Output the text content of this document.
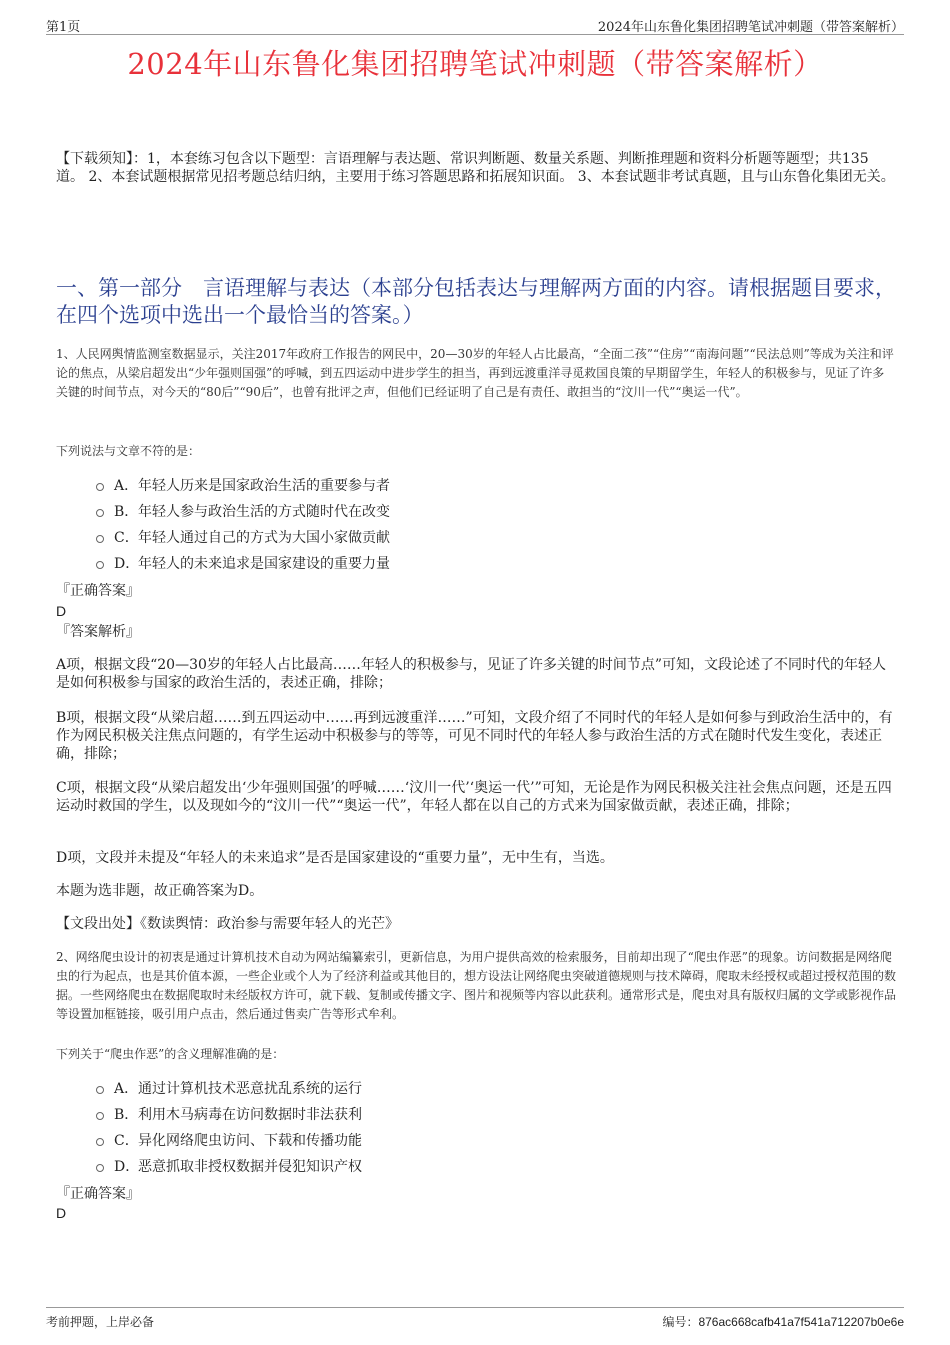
第1页	2024年山东鲁化集团招聘笔试冲刺题（带答案解析）
2024年山东鲁化集团招聘笔试冲刺题（带答案解析）
【下载须知】：1，本套练习包含以下题型：言语理解与表达题、常识判断题、数量关系题、判断推理题和资料分析题等题型；共135道。 2、本套试题根据常见招考题总结归纳，主要用于练习答题思路和拓展知识面。 3、本套试题非考试真题，且与山东鲁化集团无关。
一、第一部分　言语理解与表达（本部分包括表达与理解两方面的内容。请根据题目要求，在四个选项中选出一个最恰当的答案。）
1、人民网舆情监测室数据显示，关注2017年政府工作报告的网民中，20—30岁的年轻人占比最高，“全面二孩”“住房”“南海问题”“民法总则”等成为关注和评论的焦点，从梁启超发出“少年强则国强”的呼喊，到五四运动中进步学生的担当，再到远渡重洋寻觅救国良策的早期留学生，年轻人的积极参与，见证了许多关键的时间节点，对今天的“80后”“90后”，也曾有批评之声，但他们已经证明了自己是有责任、敢担当的“汶川一代”“奥运一代”。
下列说法与文章不符的是：
A．年轻人历来是国家政治生活的重要参与者
B．年轻人参与政治生活的方式随时代在改变
C．年轻人通过自己的方式为大国小家做贡献
D．年轻人的未来追求是国家建设的重要力量
『正确答案』
D
『答案解析』
A项，根据文段“20—30岁的年轻人占比最高……年轻人的积极参与，见证了许多关键的时间节点”可知，文段论述了不同时代的年轻人是如何积极参与国家的政治生活的，表述正确，排除；
B项，根据文段“从梁启超……到五四运动中……再到远渡重洋……”可知，文段介绍了不同时代的年轻人是如何参与到政治生活中的，有作为网民积极关注焦点问题的，有学生运动中积极参与的等等，可见不同时代的年轻人参与政治生活的方式在随时代发生变化，表述正确，排除；
C项，根据文段“从梁启超发出‘少年强则国强’的呼喊……‘汶川一代’‘奥运一代’”可知，无论是作为网民积极关注社会焦点问题，还是五四运动时救国的学生，以及现如今的“汶川一代”“奥运一代”，年轻人都在以自己的方式来为国家做贡献，表述正确，排除；
D项，文段并未提及“年轻人的未来追求”是否是国家建设的“重要力量”，无中生有，当选。
本题为选非题，故正确答案为D。
【文段出处】《数读舆情：政治参与需要年轻人的光芒》
2、网络爬虫设计的初衷是通过计算机技术自动为网站编纂索引，更新信息，为用户提供高效的检索服务，目前却出现了“爬虫作恶”的现象。访问数据是网络爬虫的行为起点，也是其价值本源，一些企业或个人为了经济利益或其他目的，想方设法让网络爬虫突破道德规则与技术障碍，爬取未经授权或超过授权范围的数据。一些网络爬虫在数据爬取时未经版权方许可，就下载、复制或传播文字、图片和视频等内容以此获利。通常形式是，爬虫对具有版权归属的文学或影视作品等设置加框链接，吸引用户点击，然后通过售卖广告等形式牟利。
下列关于“爬虫作恶”的含义理解准确的是：
A．通过计算机技术恶意扰乱系统的运行
B．利用木马病毒在访问数据时非法获利
C．异化网络爬虫访问、下载和传播功能
D．恶意抓取非授权数据并侵犯知识产权
『正确答案』
D
考前押题，上岸必备	编号：876ac668cafb41a7f541a712207b0e6e
